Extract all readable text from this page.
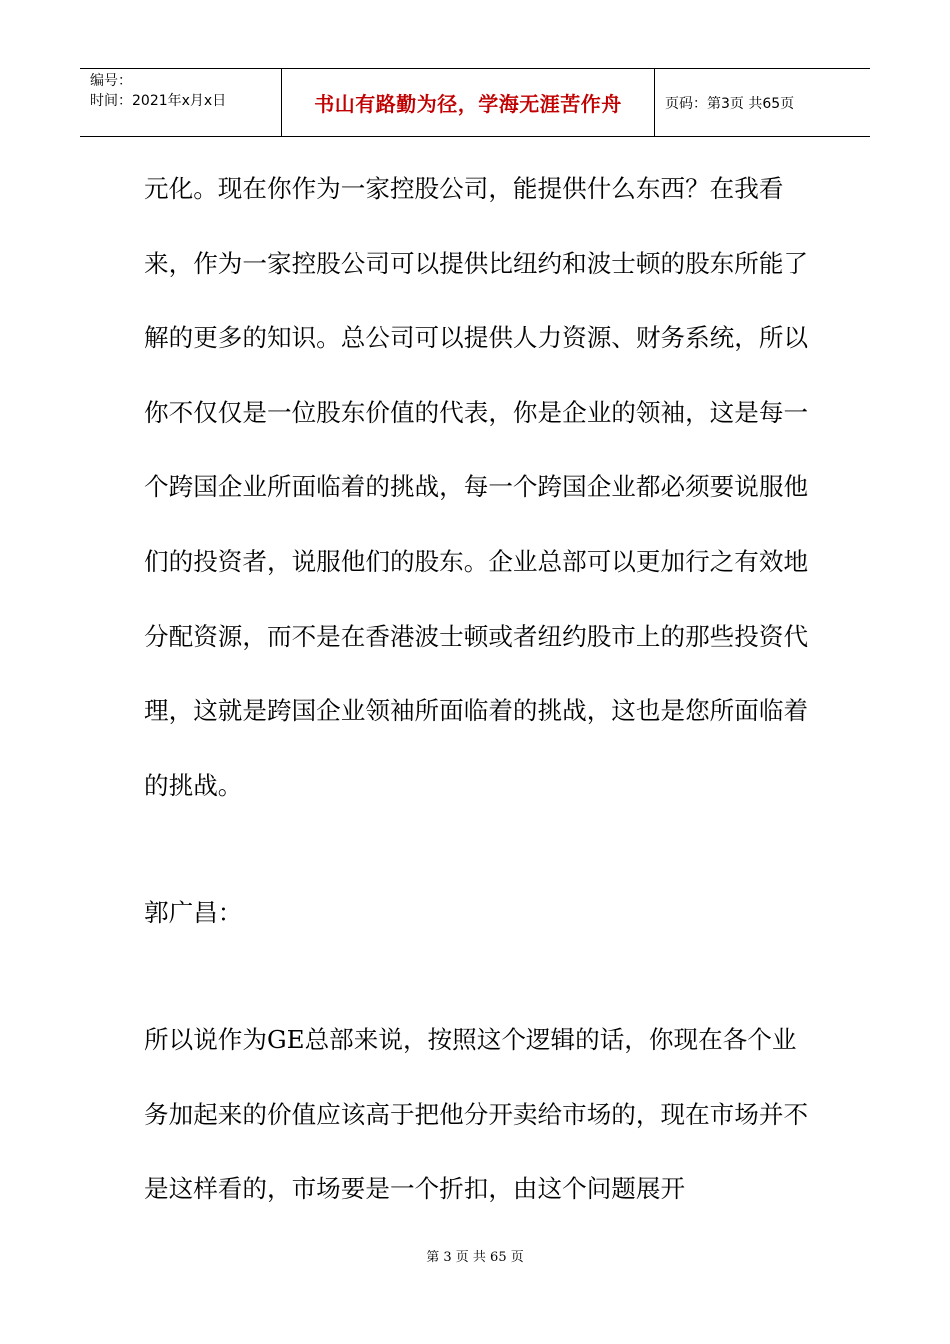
编号：
时间：2021年x月x日	书山有路勤为径，学海无涯苦作舟	页码：第3页 共65页

元化。现在你作为一家控股公司，能提供什么东西？在我看来，作为一家控股公司可以提供比纽约和波士顿的股东所能了解的更多的知识。总公司可以提供人力资源、财务系统，所以你不仅仅是一位股东价值的代表，你是企业的领袖，这是每一个跨国企业所面临着的挑战，每一个跨国企业都必须要说服他们的投资者，说服他们的股东。企业总部可以更加行之有效地分配资源，而不是在香港波士顿或者纽约股市上的那些投资代理，这就是跨国企业领袖所面临着的挑战，这也是您所面临着的挑战。

郭广昌：

所以说作为GE总部来说，按照这个逻辑的话，你现在各个业务加起来的价值应该高于把他分开卖给市场的，现在市场并不是这样看的，市场要是一个折扣，由这个问题展开

第 3 页 共 65 页
